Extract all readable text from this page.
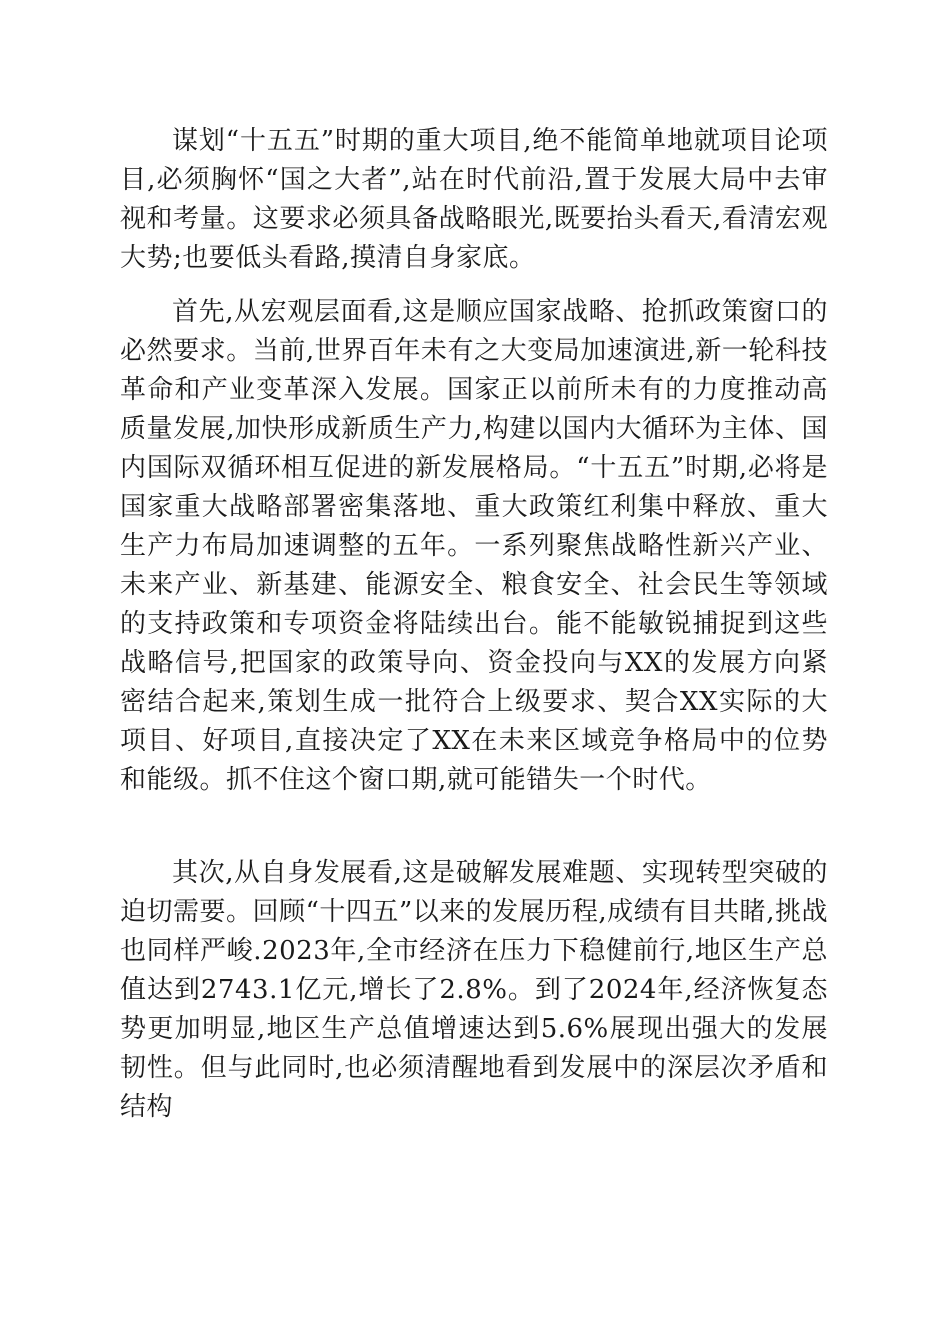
谋划“十五五”时期的重大项目,绝不能简单地就项目论项目,必须胸怀“国之大者”,站在时代前沿,置于发展大局中去审视和考量。这要求必须具备战略眼光,既要抬头看天,看清宏观大势;也要低头看路,摸清自身家底。

首先,从宏观层面看,这是顺应国家战略、抢抓政策窗口的必然要求。当前,世界百年未有之大变局加速演进,新一轮科技革命和产业变革深入发展。国家正以前所未有的力度推动高质量发展,加快形成新质生产力,构建以国内大循环为主体、国内国际双循环相互促进的新发展格局。“十五五”时期,必将是国家重大战略部署密集落地、重大政策红利集中释放、重大生产力布局加速调整的五年。一系列聚焦战略性新兴产业、未来产业、新基建、能源安全、粮食安全、社会民生等领域的支持政策和专项资金将陆续出台。能不能敏锐捕捉到这些战略信号,把国家的政策导向、资金投向与XX的发展方向紧密结合起来,策划生成一批符合上级要求、契合XX实际的大项目、好项目,直接决定了XX在未来区域竞争格局中的位势和能级。抓不住这个窗口期,就可能错失一个时代。

其次,从自身发展看,这是破解发展难题、实现转型突破的迫切需要。回顾“十四五”以来的发展历程,成绩有目共睹,挑战也同样严峻.2023年,全市经济在压力下稳健前行,地区生产总值达到2743.1亿元,增长了2.8%。到了2024年,经济恢复态势更加明显,地区生产总值增速达到5.6%展现出强大的发展韧性。但与此同时,也必须清醒地看到发展中的深层次矛盾和结构
